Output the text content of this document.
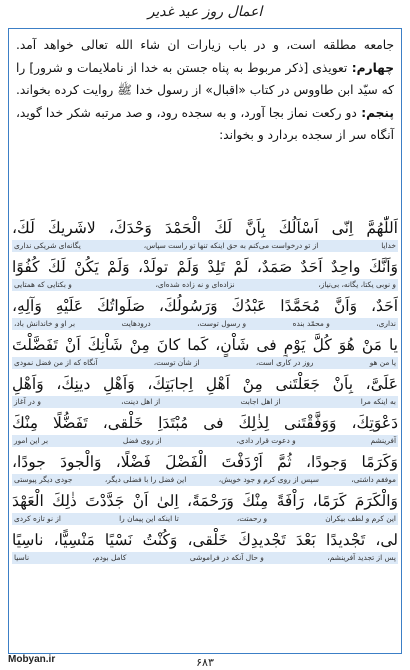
اعمال روز عید غدیر
جامعه مطلقه است، و در باب زيارات ان شاء الله تعالى خواهد آمد. چهارم: تعويذى [ذكر مربوط به پناه جستن به خدا از ناملايمات و شرور] را كه سيّد ابن طاووس در كتاب «اقبال» از رسول خدا ﷺ روايت كرده بخواند. پنجم: دو ركعت نماز بجا آورد، و به سجده رود، و صد مرتبه شكر خدا گويد، آنگاه سر از سجده بردارد و بخواند:
اَللّٰهُمَّ اِنّى اَسْاَلُكَ بِاَنَّ لَكَ الْحَمْدَ وَحْدَكَ، لاشَريكَ لَكَ،
خدایا
از تو درخواست می‌کنم به حق اینکه تنها تو راست سپاس،
یگانه‌ای شریکی نداری
وَاَنَّكَ واحِدٌ اَحَدٌ صَمَدٌ، لَمْ تَلِدْ وَلَمْ تولَدْ، وَلَمْ يَكُنْ لَكَ كُفُوًا
و نوبی یکتا، یگانه، بی‌نیاز،
نزاده‌ای و نه زاده شده‌ای،
و بکتایی که همتایی
اَحَدٌ، وَاَنَّ مُحَمَّدًا عَبْدُكَ وَرَسُولُكَ، صَلَواتُكَ عَلَيْهِ وَآلِهِ،
نداری،
و محمّد بنده
و رسول توست،
درودهایت
بر او و خاندانش باد،
يا مَنْ هُوَ كُلَّ يَوْمٍ فى شَاْنٍ، كَما كانَ مِنْ شَاْنِكَ اَنْ تَفَضَّلْتَ
یا من هو
روز در کاری است،
از شأن توست،
آنگاه که از من فضل نمودی
عَلَىَّ، بِاَنْ جَعَلْتَنى مِنْ اَهْلِ اِجابَتِكَ، وَاَهْلِ دينِكَ، وَاَهْلِ
به اینکه مرا
از اهل اجابت
از اهل دینت،
و در آغاز
دَعْوَتِكَ، وَوَفَّقْتَنى لِذٰلِكَ فى مُبْتَدَاِ خَلْقى، تَفَضُّلًا مِنْكَ
آفرینشم
و دعوت قرار دادی،
از روی فضل
بر این امور
وَكَرَمًا وَجودًا، ثُمَّ اَرْدَفْتَ الْفَضْلَ فَضْلًا، وَالْجودَ جودًا،
موفقم داشتی،
سپس از روی کرم و جود خویش،
این فضل را با فضلی دیگر،
جودی دیگر پیوستی
وَالْكَرَمَ كَرَمًا، رَاْفَةً مِنْكَ وَرَحْمَةً، اِلىٰ اَنْ جَدَّدْتَ ذٰلِكَ الْعَهْدَ
این کرم و لطف بیکران
و رحمتت،
تا اینکه این پیمان را
از نو تازه کردی
لى، تَجْديدًا بَعْدَ تَجْديدِكَ خَلْقى، وَكُنْتُ نَسْيًا مَنْسِيًّا، ناسِيًا
پس از تجدید آفرینشم،
و حال آنکه در فراموشی
کامل بودم،
ناسیا
Mobyan.ir	۶۸۳
